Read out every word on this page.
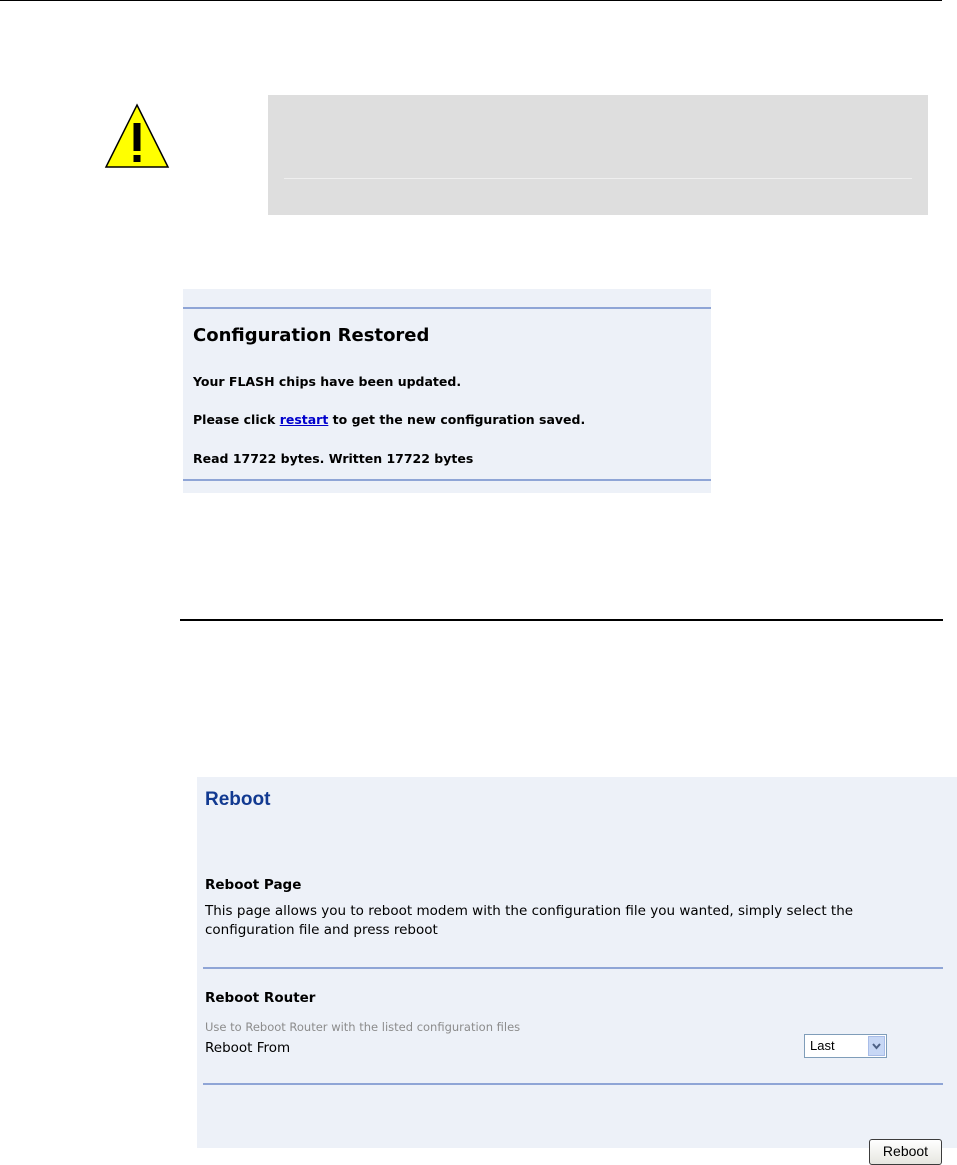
Configuration Restored
Your FLASH chips have been updated.
Please click restart to get the new configuration saved.
Read 17722 bytes. Written 17722 bytes
Reboot
Reboot Page
This page allows you to reboot modem with the configuration file you wanted, simply select the configuration file and press reboot
Reboot Router
Use to Reboot Router with the listed configuration files
Reboot From	Last
Reboot
